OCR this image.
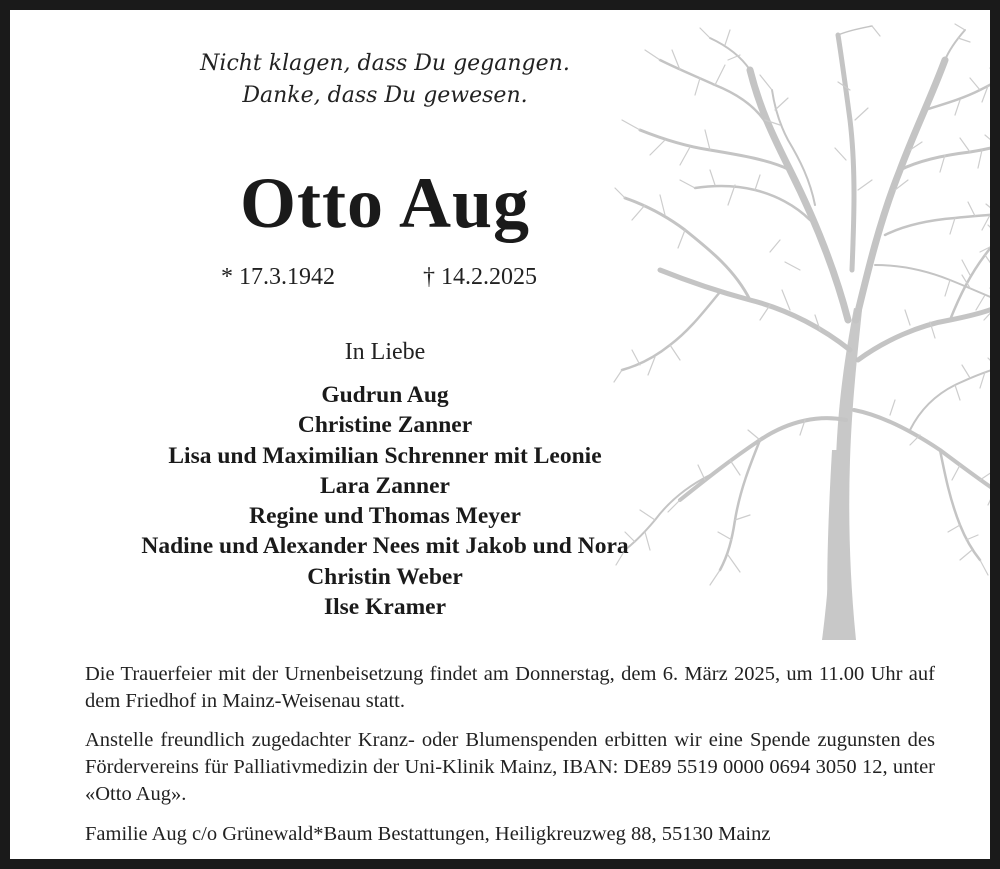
Nicht klagen, dass Du gegangen.
Danke, dass Du gewesen.
Otto Aug
* 17.3.1942	† 14.2.2025
In Liebe
Gudrun Aug
Christine Zanner
Lisa und Maximilian Schrenner mit Leonie
Lara Zanner
Regine und Thomas Meyer
Nadine und Alexander Nees mit Jakob und Nora
Christin Weber
Ilse Kramer

Die Trauerfeier mit der Urnenbeisetzung findet am Donnerstag, dem 6. März 2025, um 11.00 Uhr auf dem Friedhof in Mainz-Weisenau statt.

Anstelle freundlich zugedachter Kranz- oder Blumenspenden erbitten wir eine Spende zugunsten des Fördervereins für Palliativmedizin der Uni-Klinik Mainz, IBAN: DE89 5519 0000 0694 3050 12, unter «Otto Aug».

Familie Aug c/o Grünewald*Baum Bestattungen, Heiligkreuzweg 88, 55130 Mainz
